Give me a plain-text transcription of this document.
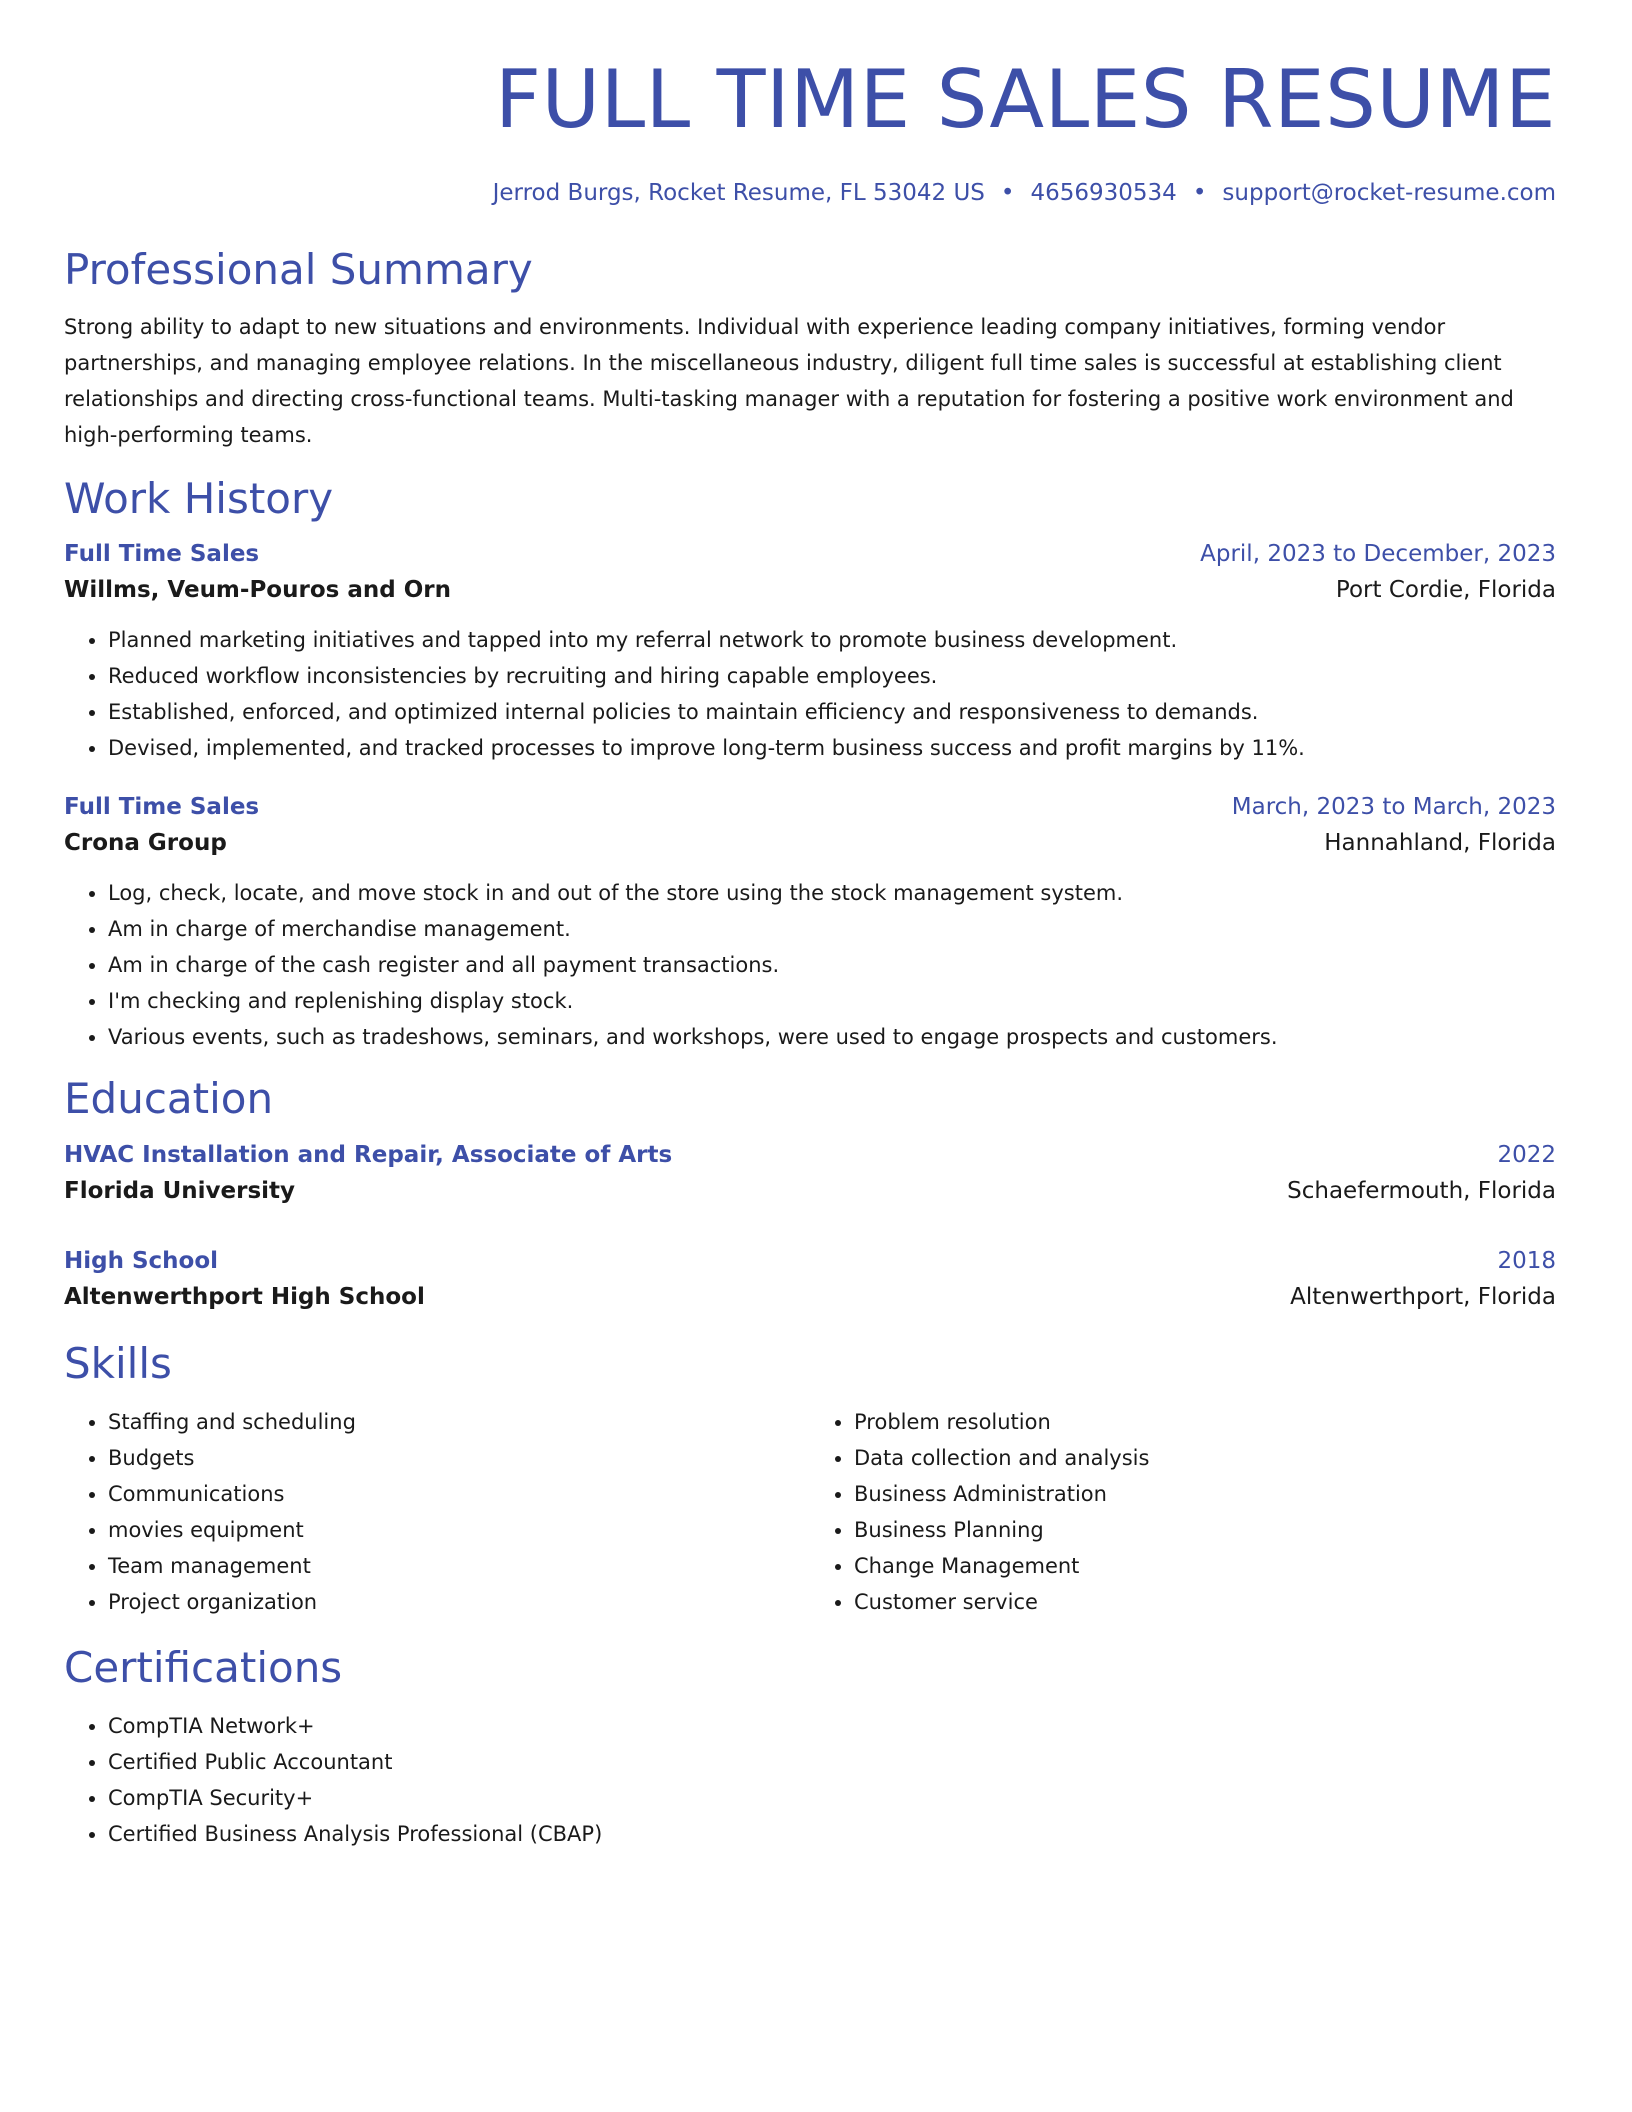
FULL TIME SALES RESUME
Jerrod Burgs, Rocket Resume, FL 53042 US • 4656930534 • support@rocket-resume.com
Professional Summary

Strong ability to adapt to new situations and environments. Individual with experience leading company initiatives, forming vendor partnerships, and managing employee relations. In the miscellaneous industry, diligent full time sales is successful at establishing client relationships and directing cross-functional teams. Multi-tasking manager with a reputation for fostering a positive work environment and high-performing teams.

Work History
Full Time Sales	April, 2023 to December, 2023
Willms, Veum-Pouros and Orn	Port Cordie, Florida
• Planned marketing initiatives and tapped into my referral network to promote business development.
• Reduced workflow inconsistencies by recruiting and hiring capable employees.
• Established, enforced, and optimized internal policies to maintain efficiency and responsiveness to demands.
• Devised, implemented, and tracked processes to improve long-term business success and profit margins by 11%.
Full Time Sales	March, 2023 to March, 2023
Crona Group	Hannahland, Florida
• Log, check, locate, and move stock in and out of the store using the stock management system.
• Am in charge of merchandise management.
• Am in charge of the cash register and all payment transactions.
• I'm checking and replenishing display stock.
• Various events, such as tradeshows, seminars, and workshops, were used to engage prospects and customers.
Education
HVAC Installation and Repair, Associate of Arts	2022
Florida University	Schaefermouth, Florida
High School	2018
Altenwerthport High School	Altenwerthport, Florida
Skills
• Staffing and scheduling
• Budgets
• Communications
• movies equipment
• Team management
• Project organization
• Problem resolution
• Data collection and analysis
• Business Administration
• Business Planning
• Change Management
• Customer service
Certifications
• CompTIA Network+
• Certified Public Accountant
• CompTIA Security+
• Certified Business Analysis Professional (CBAP)
